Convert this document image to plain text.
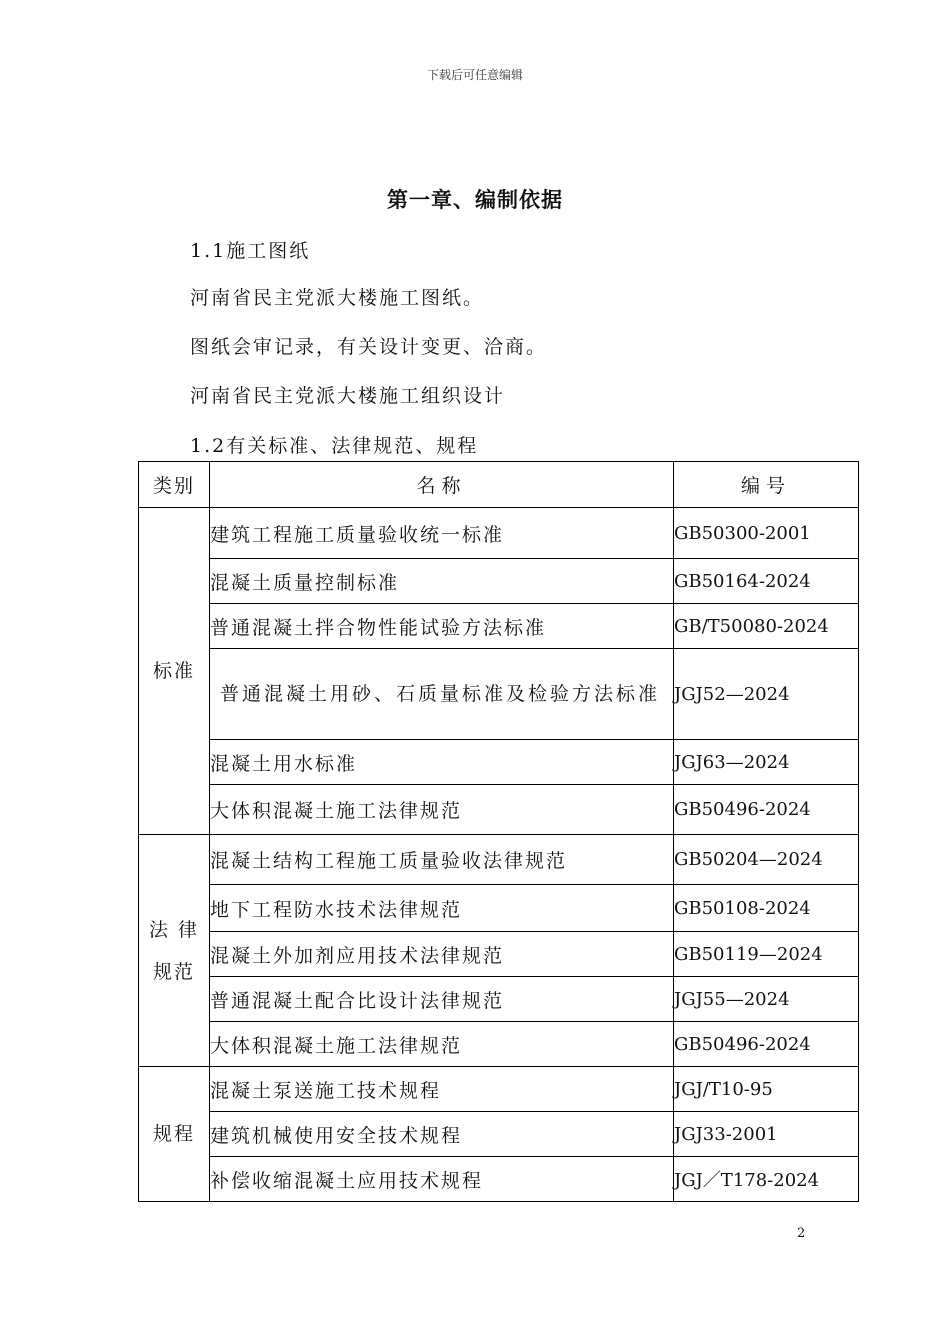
下载后可任意编辑
第一章、编制依据
1.1施工图纸
河南省民主党派大楼施工图纸。
图纸会审记录，有关设计变更、洽商。
河南省民主党派大楼施工组织设计
1.2有关标准、法律规范、规程
类别	名称	编号
标准	建筑工程施工质量验收统一标准	GB50300-2001
	混凝土质量控制标准	GB50164-2024
	普通混凝土拌合物性能试验方法标准	GB/T50080-2024
	普通混凝土用砂、石质量标准及检验方法标准	JGJ52—2024
	混凝土用水标准	JGJ63—2024
	大体积混凝土施工法律规范	GB50496-2024
法 律 规范	混凝土结构工程施工质量验收法律规范	GB50204—2024
	地下工程防水技术法律规范	GB50108-2024
	混凝土外加剂应用技术法律规范	GB50119—2024
	普通混凝土配合比设计法律规范	JGJ55—2024
	大体积混凝土施工法律规范	GB50496-2024
规程	混凝土泵送施工技术规程	JGJ/T10-95
	建筑机械使用安全技术规程	JGJ33-2001
	补偿收缩混凝土应用技术规程	JGJ／T178-2024
2
